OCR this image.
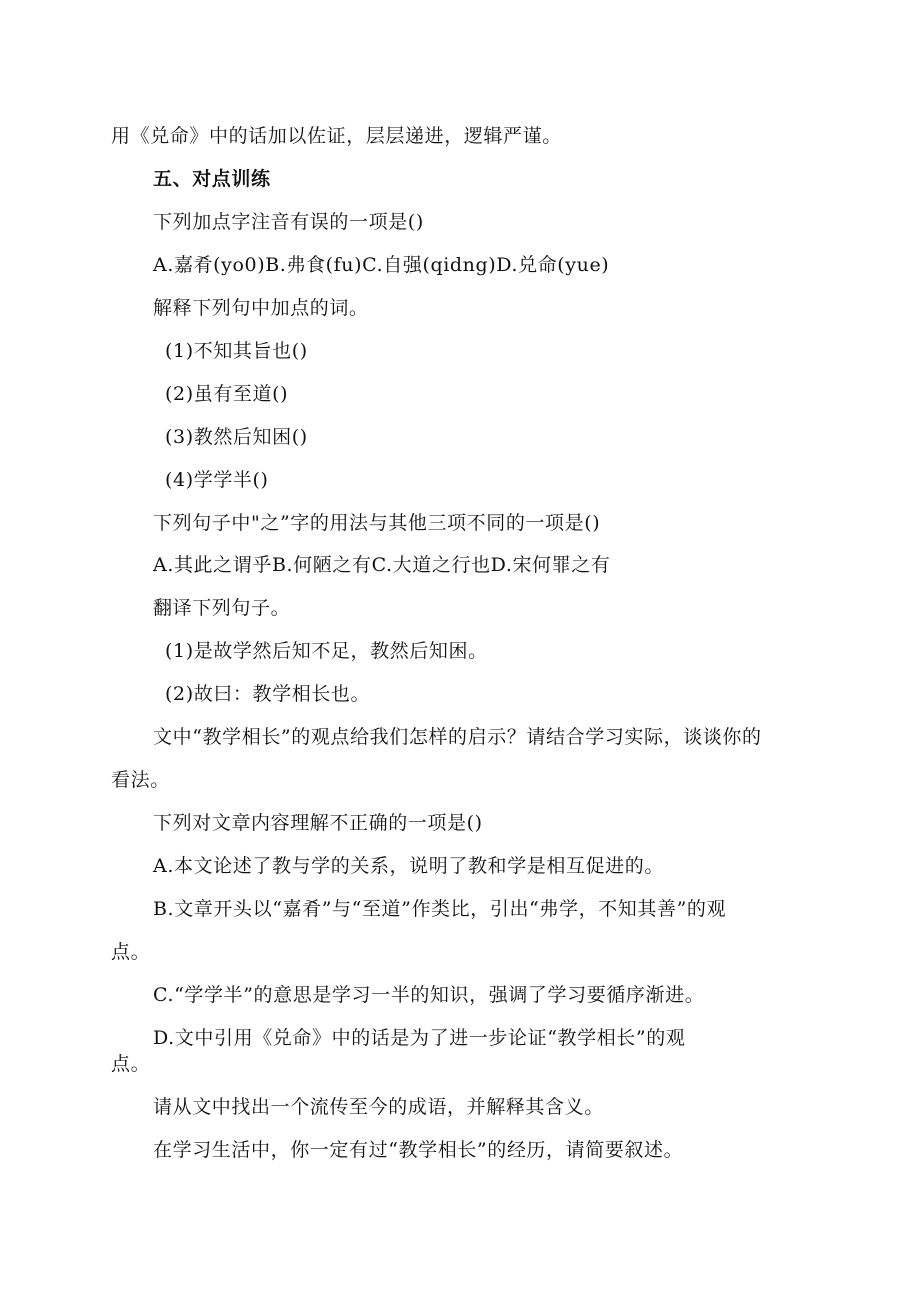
用《兑命》中的话加以佐证，层层递进，逻辑严谨。
五、对点训练
下列加点字注音有误的一项是()
A.嘉肴(yo0)B.弗食(fu)C.自强(qidng)D.兑命(yue)
解释下列句中加点的词。
(1)不知其旨也()
(2)虽有至道()
(3)教然后知困()
(4)学学半()
下列句子中"之”字的用法与其他三项不同的一项是()
A.其此之谓乎B.何陋之有C.大道之行也D.宋何罪之有
翻译下列句子。
(1)是故学然后知不足，教然后知困。
(2)故曰：教学相长也。
文中“教学相长”的观点给我们怎样的启示？请结合学习实际，谈谈你的
看法。
下列对文章内容理解不正确的一项是()
A.本文论述了教与学的关系，说明了教和学是相互促进的。
B.文章开头以“嘉肴”与“至道”作类比，引出“弗学，不知其善”的观
点。
C.“学学半”的意思是学习一半的知识，强调了学习要循序渐进。
D.文中引用《兑命》中的话是为了进一步论证“教学相长”的观
点。
请从文中找出一个流传至今的成语，并解释其含义。
在学习生活中，你一定有过“教学相长”的经历，请简要叙述。
